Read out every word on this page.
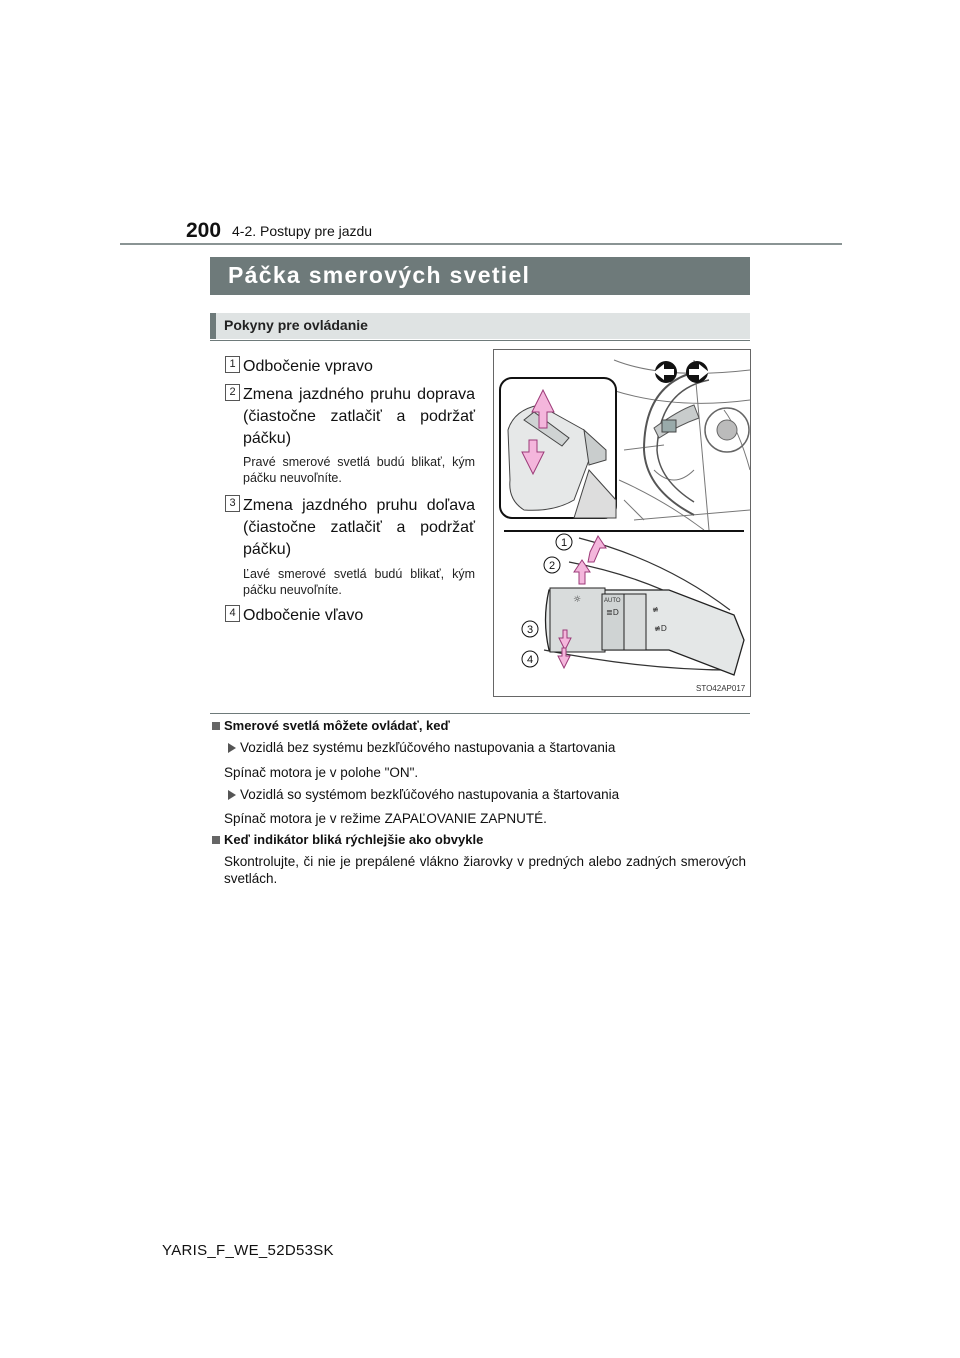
200 4-2. Postupy pre jazdu
Páčka smerových svetiel
Pokyny pre ovládanie
1 Odbočenie vpravo
2 Zmena jazdného pruhu doprava (čiastočne zatlačiť a podržať páčku)
Pravé smerové svetlá budú blikať, kým páčku neuvoľníte.
3 Zmena jazdného pruhu doľava (čiastočne zatlačiť a podržať páčku)
Ľavé smerové svetlá budú blikať, kým páčku neuvoľníte.
4 Odbočenie vľavo
☼	AUTO
≣D	≢
≢D
1
2
3
4
STO42AP017
Smerové svetlá môžete ovládať, keď
Vozidlá bez systému bezkľúčového nastupovania a štartovania
Spínač motora je v polohe "ON".
Vozidlá so systémom bezkľúčového nastupovania a štartovania
Spínač motora je v režime ZAPAĽOVANIE ZAPNUTÉ.
Keď indikátor bliká rýchlejšie ako obvykle
Skontrolujte, či nie je prepálené vlákno žiarovky v predných alebo zadných smerových svetlách.
YARIS_F_WE_52D53SK
